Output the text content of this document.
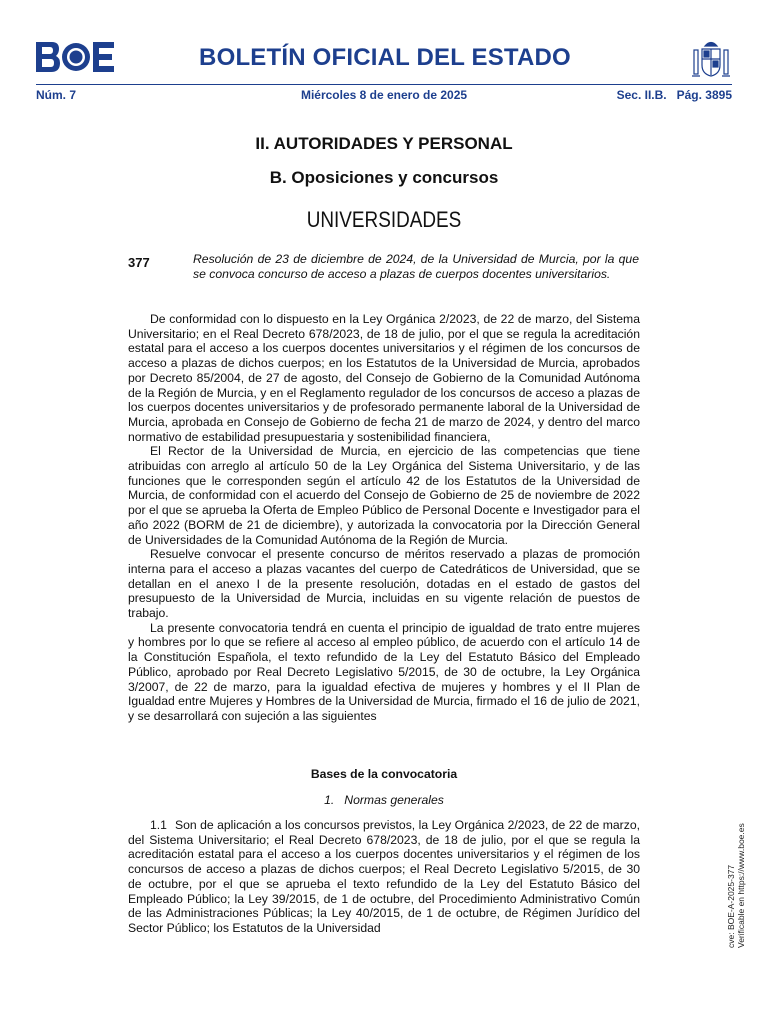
BOLETÍN OFICIAL DEL ESTADO
Miércoles 8 de enero de 2025
Núm. 7	Sec. II.B. Pág. 3895
II. AUTORIDADES Y PERSONAL
B. Oposiciones y concursos
UNIVERSIDADES
377	Resolución de 23 de diciembre de 2024, de la Universidad de Murcia, por la que se convoca concurso de acceso a plazas de cuerpos docentes universitarios.

De conformidad con lo dispuesto en la Ley Orgánica 2/2023, de 22 de marzo, del Sistema Universitario; en el Real Decreto 678/2023, de 18 de julio, por el que se regula la acreditación estatal para el acceso a los cuerpos docentes universitarios y el régimen de los concursos de acceso a plazas de dichos cuerpos; en los Estatutos de la Universidad de Murcia, aprobados por Decreto 85/2004, de 27 de agosto, del Consejo de Gobierno de la Comunidad Autónoma de la Región de Murcia, y en el Reglamento regulador de los concursos de acceso a plazas de los cuerpos docentes universitarios y de profesorado permanente laboral de la Universidad de Murcia, aprobada en Consejo de Gobierno de fecha 21 de marzo de 2024, y dentro del marco normativo de estabilidad presupuestaria y sostenibilidad financiera,

El Rector de la Universidad de Murcia, en ejercicio de las competencias que tiene atribuidas con arreglo al artículo 50 de la Ley Orgánica del Sistema Universitario, y de las funciones que le corresponden según el artículo 42 de los Estatutos de la Universidad de Murcia, de conformidad con el acuerdo del Consejo de Gobierno de 25 de noviembre de 2022 por el que se aprueba la Oferta de Empleo Público de Personal Docente e Investigador para el año 2022 (BORM de 21 de diciembre), y autorizada la convocatoria por la Dirección General de Universidades de la Comunidad Autónoma de la Región de Murcia.

Resuelve convocar el presente concurso de méritos reservado a plazas de promoción interna para el acceso a plazas vacantes del cuerpo de Catedráticos de Universidad, que se detallan en el anexo I de la presente resolución, dotadas en el estado de gastos del presupuesto de la Universidad de Murcia, incluidas en su vigente relación de puestos de trabajo.

La presente convocatoria tendrá en cuenta el principio de igualdad de trato entre mujeres y hombres por lo que se refiere al acceso al empleo público, de acuerdo con el artículo 14 de la Constitución Española, el texto refundido de la Ley del Estatuto Básico del Empleado Público, aprobado por Real Decreto Legislativo 5/2015, de 30 de octubre, la Ley Orgánica 3/2007, de 22 de marzo, para la igualdad efectiva de mujeres y hombres y el II Plan de Igualdad entre Mujeres y Hombres de la Universidad de Murcia, firmado el 16 de julio de 2021, y se desarrollará con sujeción a las siguientes

Bases de la convocatoria
1. Normas generales

1.1 Son de aplicación a los concursos previstos, la Ley Orgánica 2/2023, de 22 de marzo, del Sistema Universitario; el Real Decreto 678/2023, de 18 de julio, por el que se regula la acreditación estatal para el acceso a los cuerpos docentes universitarios y el régimen de los concursos de acceso a plazas de dichos cuerpos; el Real Decreto Legislativo 5/2015, de 30 de octubre, por el que se aprueba el texto refundido de la Ley del Estatuto Básico del Empleado Público; la Ley 39/2015, de 1 de octubre, del Procedimiento Administrativo Común de las Administraciones Públicas; la Ley 40/2015, de 1 de octubre, de Régimen Jurídico del Sector Público; los Estatutos de la Universidad	cve: BOE-A-2025-377 Verificable en https://www.boe.es
